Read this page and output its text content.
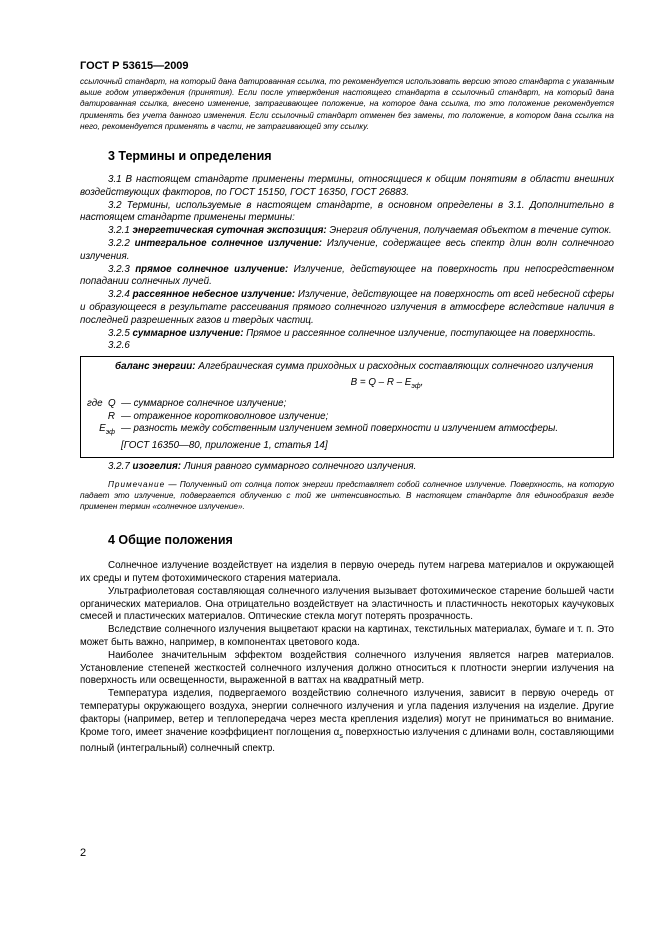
ГОСТ Р 53615—2009

ссылочный стандарт, на который дана датированная ссылка, то рекомендуется использовать версию этого стандарта с указанным выше годом утверждения (принятия). Если после утверждения настоящего стандарта в ссылочный стандарт, на который дана датированная ссылка, внесено изменение, затрагивающее положение, на которое дана ссылка, то это положение рекомендуется применять без учета данного изменения. Если ссылочный стандарт отменен без замены, то положение, в котором дана ссылка на него, рекомендуется применять в части, не затрагивающей эту ссылку.

3 Термины и определения

3.1 В настоящем стандарте применены термины, относящиеся к общим понятиям в области внешних воздействующих факторов, по ГОСТ 15150, ГОСТ 16350, ГОСТ 26883.

3.2 Термины, используемые в настоящем стандарте, в основном определены в 3.1. Дополнительно в настоящем стандарте применены термины:

3.2.1 энергетическая суточная экспозиция: Энергия облучения, получаемая объектом в течение суток.

3.2.2 интегральное солнечное излучение: Излучение, содержащее весь спектр длин волн солнечного излучения.

3.2.3 прямое солнечное излучение: Излучение, действующее на поверхность при непосредственном попадании солнечных лучей.

3.2.4 рассеянное небесное излучение: Излучение, действующее на поверхность от всей небесной сферы и образующееся в результате рассеивания прямого солнечного излучения в атмосфере вследствие наличия в последней разрешенных газов и твердых частиц.

3.2.5 суммарное излучение: Прямое и рассеянное солнечное излучение, поступающее на поверхность.

3.2.6

баланс энергии: Алгебраическая сумма приходных и расходных составляющих солнечного излучения

$B = Q - R - E_{эф}$,
где
Q
— суммарное солнечное излучение;
R — отраженное коротковолновое излучение;
$E_{эф}$ — разность между собственным излучением земной поверхности и излучением атмосферы.
[ГОСТ 16350—80, приложение 1, статья 14]

3.2.7 изогелия: Линия равного суммарного солнечного излучения.

Примечание — Полученный от солнца поток энергии представляет собой солнечное излучение. Поверхность, на которую падает это излучение, подвергается облучению с той же интенсивностью. В настоящем стандарте для единообразия везде применен термин «солнечное излучение».

4 Общие положения

Солнечное излучение воздействует на изделия в первую очередь путем нагрева материалов и окружающей их среды и путем фотохимического старения материала.

Ультрафиолетовая составляющая солнечного излучения вызывает фотохимическое старение большей части органических материалов. Она отрицательно воздействует на эластичность и пластичность некоторых каучуковых смесей и пластических материалов. Оптические стекла могут потерять прозрачность.

Вследствие солнечного излучения выцветают краски на картинах, текстильных материалах, бумаге и т. п. Это может быть важно, например, в компонентах цветового кода.

Наиболее значительным эффектом воздействия солнечного излучения является нагрев материалов. Установление степеней жесткостей солнечного излучения должно относиться к плотности энергии излучения на поверхность или освещенности, выраженной в ваттах на квадратный метр.

Температура изделия, подвергаемого воздействию солнечного излучения, зависит в первую очередь от температуры окружающего воздуха, энергии солнечного излучения и угла падения излучения на изделие. Другие факторы (например, ветер и теплопередача через места крепления изделия) могут не приниматься во внимание. Кроме того, имеет значение коэффициент поглощения $\alpha_s$ поверхностью излучения с длинами волн, составляющими полный (интегральный) солнечный спектр.

2
